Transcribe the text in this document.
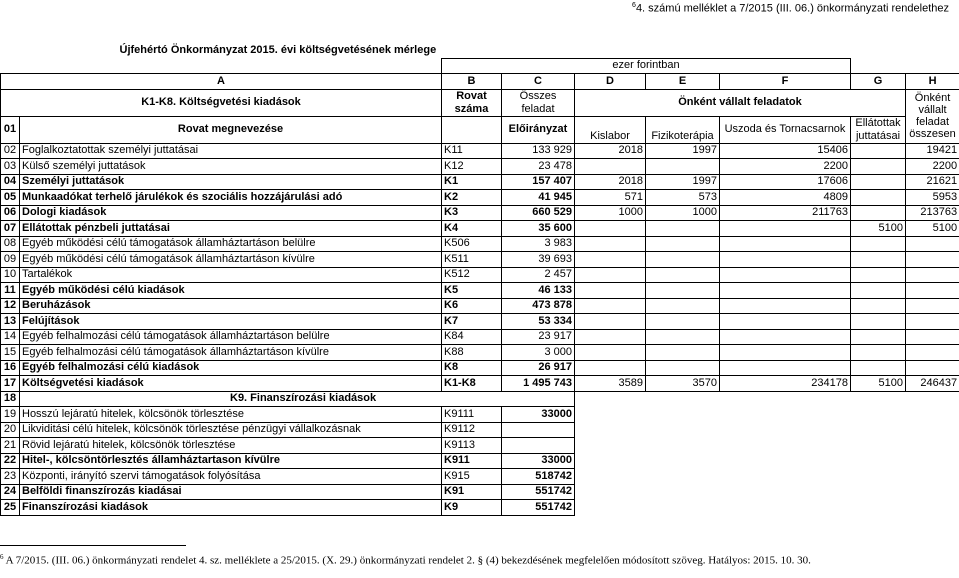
$^6$4. számú melléklet a 7/2015 (III. 06.) önkormányzati rendelethez
	Újfehértó Önkormányzat 2015. évi költségvetésének mérlege							
		ezer forintban						
A		B	C	D	E	F	G	H
K1-K8. Költségvetési kiadások		Rovat száma	Összes feladat	Önként vállalt feladatok				Önként vállalt feladat összesen
01	Rovat megnevezése		Előirányzat	Kislabor	Fizikoterápia	Uszoda és Tornacsarnok	Ellátottak juttatásai	

02	Foglalkoztatottak személyi juttatásai	K11	133 929	2018	1997	15406		19421
03	Külső személyi juttatások	K12	23 478			2200		2200
04	Személyi juttatások	K1	157 407	2018	1997	17606		21621
05	Munkaadókat terhelő járulékok és szociális hozzájárulási adó	K2	41 945	571	573	4809		5953
06	Dologi kiadások	K3	660 529	1000	1000	211763		213763
07	Ellátottak pénzbeli juttatásai	K4	35 600				5100	5100
08	Egyéb működési célú támogatások államháztartáson belülre	K506	3 983					
09	Egyéb működési célú támogatások államháztartáson kívülre	K511	39 693					
10	Tartalékok	K512	2 457					
11	Egyéb működési célú kiadások	K5	46 133					
12	Beruházások	K6	473 878					
13	Felújítások	K7	53 334					
14	Egyéb felhalmozási célú támogatások államháztartáson belülre	K84	23 917					
15	Egyéb felhalmozási célú támogatások államháztartáson kívülre	K88	3 000					
16	Egyéb felhalmozási célú kiadások	K8	26 917					
17	Költségvetési kiadások	K1-K8	1 495 743	3589	3570	234178	5100	246437
18	K9. Finanszírozási kiadások							
19	Hosszú lejáratú hitelek, kölcsönök törlesztése	K9111	33000					
20	Likviditási célú hitelek, kölcsönök törlesztése pénzügyi vállalkozásnak	K9112						
21	Rövid lejáratú hitelek, kölcsönök törlesztése	K9113						
22	Hitel-, kölcsöntörlesztés államháztartason kívülre	K911	33000					
23	Központi, irányító szervi támogatások folyósítása	K915	518742					
24	Belföldi finanszírozás kiadásai	K91	551742					
25	Finanszírozási kiadások	K9	551742					
$^6$ A 7/2015. (III. 06.) önkormányzati rendelet 4. sz. melléklete a 25/2015. (X. 29.) önkormányzati rendelet 2. § (4) bekezdésének megfelelően módosított szöveg. Hatályos: 2015. 10. 30.
